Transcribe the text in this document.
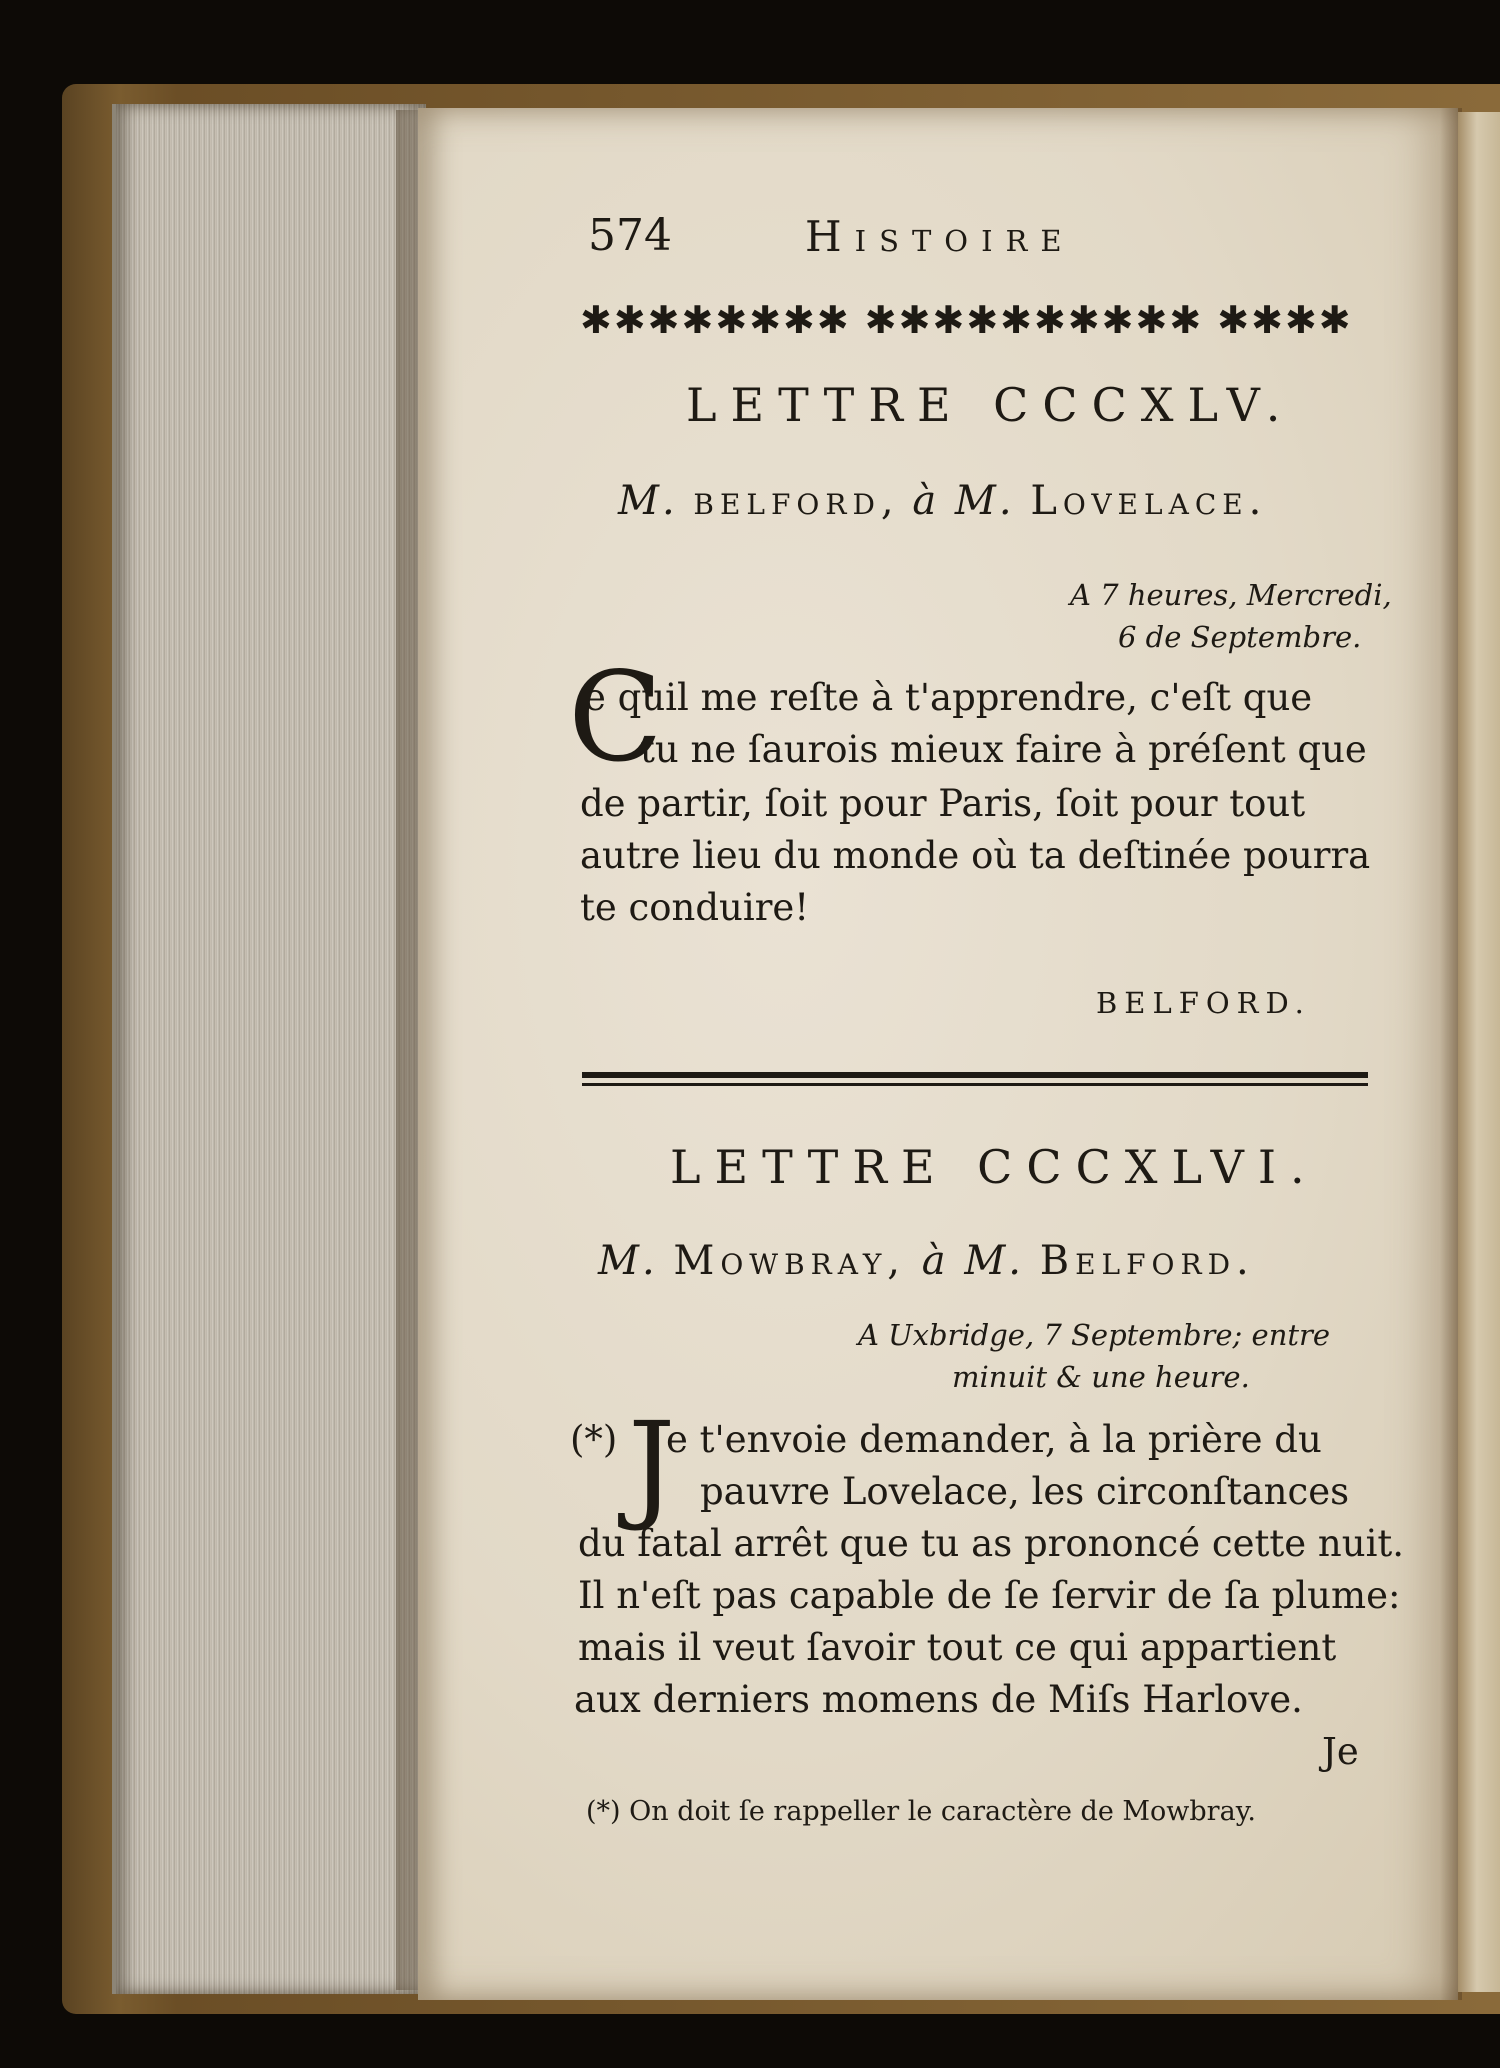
574	Histoire
✱✱✱✱✱✱✱✱ ✱✱✱✱✱✱✱✱✱✱ ✱✱✱✱
LETTRE CCCXLV.
M. belford, à M. Lovelace.
A 7 heures, Mercredi,
6 de Septembre.
C
e quil me reſte à t'apprendre, c'eſt que
tu ne ſaurois mieux faire à préſent que
de partir, ſoit pour Paris, ſoit pour tout
autre lieu du monde où ta deſtinée pourra
te conduire!
BELFORD.
LETTRE CCCXLVI.
M. Mowbray, à M. Belford.
A Uxbridge, 7 Septembre; entre
minuit & une heure.
(*) J
e t'envoie demander, à la prière du
pauvre Lovelace, les circonſtances
du fatal arrêt que tu as prononcé cette nuit.
Il n'eſt pas capable de ſe ſervir de ſa plume:
mais il veut ſavoir tout ce qui appartient
aux derniers momens de Miſs Harlove.
Je
(*) On doit ſe rappeller le caractère de Mowbray.
